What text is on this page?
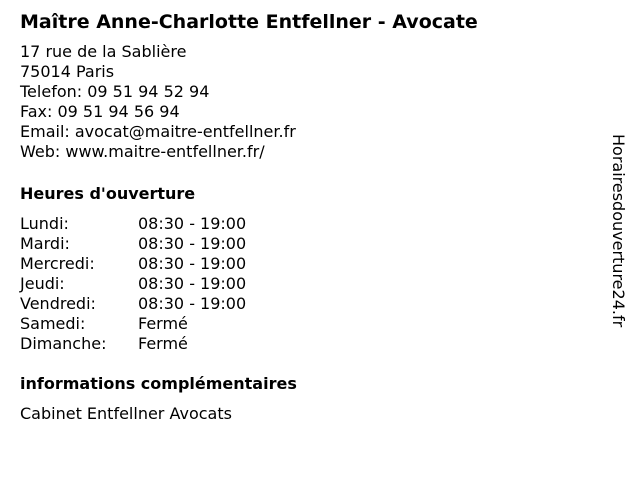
Maître Anne-Charlotte Entfellner - Avocate
17 rue de la Sablière
75014 Paris
Telefon: 09 51 94 52 94
Fax: 09 51 94 56 94
Email: avocat@maitre-entfellner.fr
Web: www.maitre-entfellner.fr/
Heures d'ouverture
Lundi:	08:30 - 19:00
Mardi:	08:30 - 19:00
Mercredi:	08:30 - 19:00
Jeudi:	08:30 - 19:00
Vendredi:	08:30 - 19:00
Samedi:	Fermé
Dimanche:	Fermé
informations complémentaires
Cabinet Entfellner Avocats
Horairesdouverture24.fr
